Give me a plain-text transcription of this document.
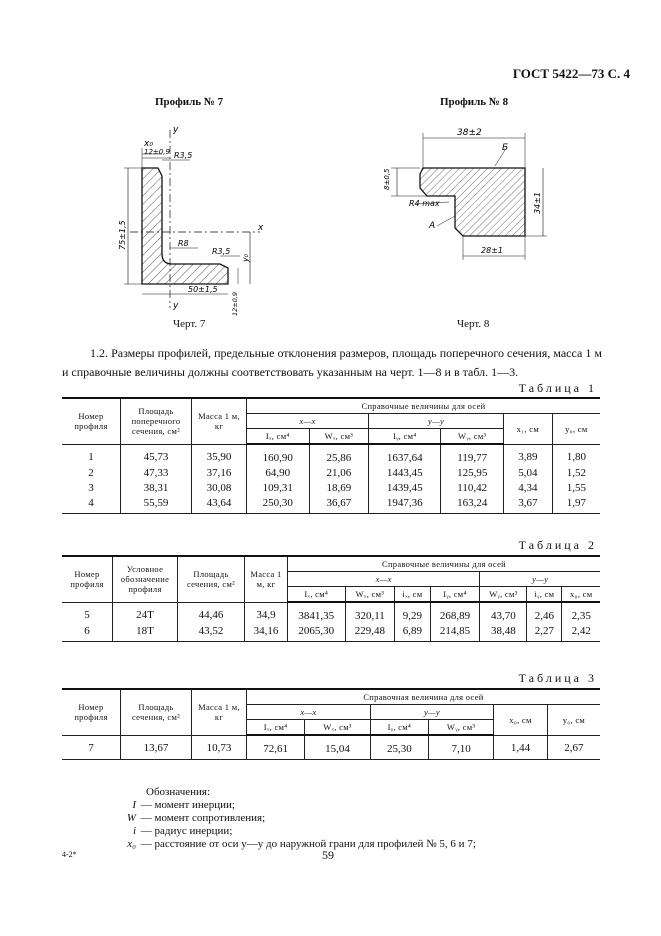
ГОСТ 5422—73 С. 4
Профиль № 7	Профиль № 8
x₀
y
y
x
12±0,9 R3,5
75±1,5	R8
R3,5
y₀
50±1,5
12±0,9
38±2
8±0,5
Б
R4 max
А
34±1
28±1
Черт. 7	Черт. 8
1.2. Размеры профилей, предельные отклонения размеров, площадь поперечного сечения, масса 1 м и справочные величины должны соответствовать указанным на черт. 1—8 и в табл. 1—3.
Таблица 1
Номер профиля	Площадь поперечного сечения, см²	Масса 1 м, кг	Справочные величины для осей					
			x—x		y—y		x₁, см	y₀, см
			Iₓ, см⁴	Wₓ, см³	Iᵧ, см⁴	Wᵧ, см³		
1	45,73	35,90	160,90	25,86	1637,64	119,77	3,89	1,80
2	47,33	37,16	64,90	21,06	1443,45	125,95	5,04	1,52
3	38,31	30,08	109,31	18,69	1439,45	110,42	4,34	1,55
4	55,59	43,64	250,30	36,67	1947,36	163,24	3,67	1,97
Таблица 2
Номер профиля	Условное обозначение профиля	Площадь сечения, см²	Масса 1 м, кг	Справочные величины для осей						
				x—x				y—y		
				Iₓ, см⁴	Wₓ, см³	iₓ, см	Iᵧ, см⁴	Wᵧ, см³	iᵧ, см	x₀, см
5	24Т	44,46	34,9	3841,35	320,11	9,29	268,89	43,70	2,46	2,35
6	18Т	43,52	34,16	2065,30	229,48	6,89	214,85	38,48	2,27	2,42
Таблица 3
Номер профиля	Площадь сечения, см²	Масса 1 м, кг	Справочная величина для осей					
			x—x		y—y		x₀, см	y₀, см
			Iₓ, см⁴	Wₓ, см³	Iᵧ, см⁴	Wᵧ, см³		
7	13,67	10,73	72,61	15,04	25,30	7,10	1,44	2,67
Обозначения:
I — момент инерции;
W — момент сопротивления;
i — радиус инерции;
x₀ — расстояние от оси y—y до наружной грани для профилей № 5, 6 и 7;
4-2*	59
